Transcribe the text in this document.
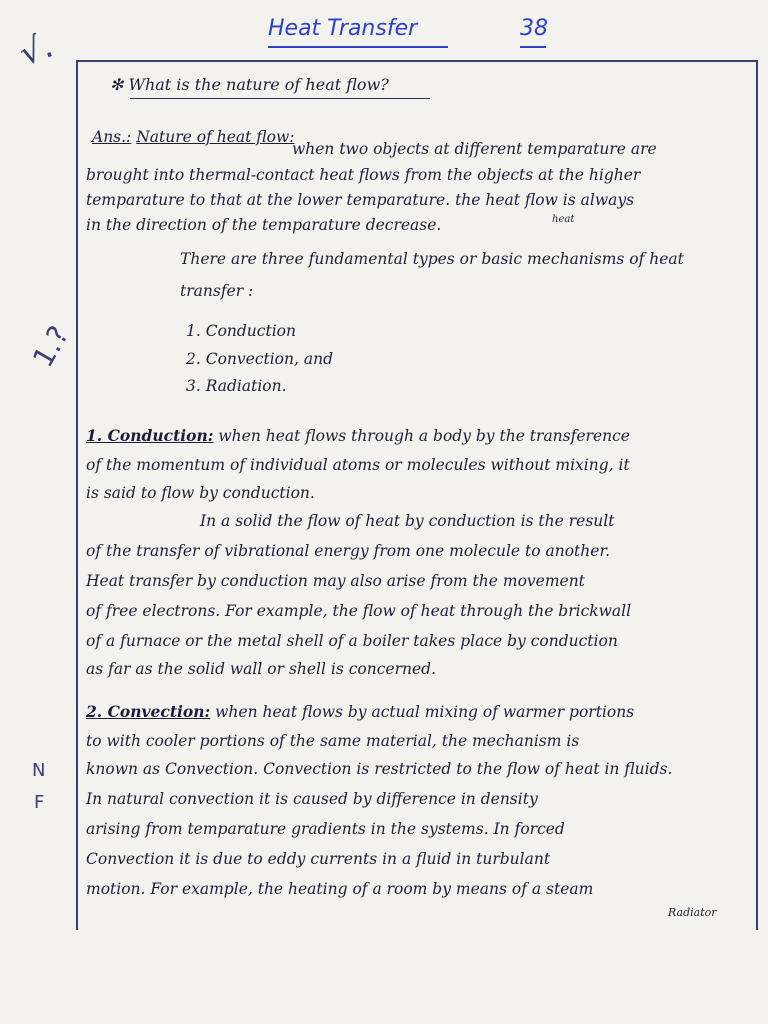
Heat Transfer	38
√.
1.?
N
F
✻ What is the nature of heat flow?
Ans.: Nature of heat flow:
when two objects at different temparature are
brought into thermal-contact heat flows from the objects at the higher
temparature to that at the lower temparature. the heat flow is always
in the direction of the temparature decrease.	heat
There are three fundamental types or basic mechanisms of heat
transfer :
1. Conduction
2. Convection, and
3. Radiation.
1. Conduction: when heat flows through a body by the transference
of the momentum of individual atoms or molecules without mixing, it
is said to flow by conduction.
In a solid the flow of heat by conduction is the result
of the transfer of vibrational energy from one molecule to another.
Heat transfer by conduction may also arise from the movement
of free electrons. For example, the flow of heat through the brickwall
of a furnace or the metal shell of a boiler takes place by conduction
as far as the solid wall or shell is concerned.
2. Convection: when heat flows by actual mixing of warmer portions
to with cooler portions of the same material, the mechanism is
known as Convection. Convection is restricted to the flow of heat in fluids.
In natural convection it is caused by difference in density
arising from temparature gradients in the systems. In forced
Convection it is due to eddy currents in a fluid in turbulant
motion. For example, the heating of a room by means of a steam
Radiator
